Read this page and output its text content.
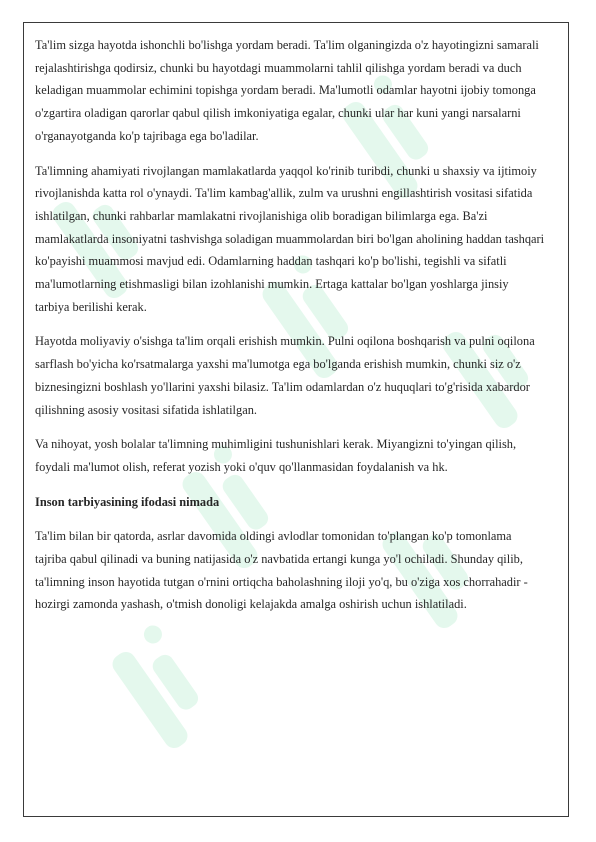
Ta'lim sizga hayotda ishonchli bo'lishga yordam beradi. Ta'lim olganingizda o'z hayotingizni samarali rejalashtirishga qodirsiz, chunki bu hayotdagi muammolarni tahlil qilishga yordam beradi va duch keladigan muammolar echimini topishga yordam beradi. Ma'lumotli odamlar hayotni ijobiy tomonga o'zgartira oladigan qarorlar qabul qilish imkoniyatiga egalar, chunki ular har kuni yangi narsalarni o'rganayotganda ko'p tajribaga ega bo'ladilar.

Ta'limning ahamiyati rivojlangan mamlakatlarda yaqqol ko'rinib turibdi, chunki u shaxsiy va ijtimoiy rivojlanishda katta rol o'ynaydi. Ta'lim kambag'allik, zulm va urushni engillashtirish vositasi sifatida ishlatilgan, chunki rahbarlar mamlakatni rivojlanishiga olib boradigan bilimlarga ega. Ba'zi mamlakatlarda insoniyatni tashvishga soladigan muammolardan biri bo'lgan aholining haddan tashqari ko'payishi muammosi mavjud edi. Odamlarning haddan tashqari ko'p bo'lishi, tegishli va sifatli ma'lumotlarning etishmasligi bilan izohlanishi mumkin. Ertaga kattalar bo'lgan yoshlarga jinsiy tarbiya berilishi kerak.

Hayotda moliyaviy o'sishga ta'lim orqali erishish mumkin. Pulni oqilona boshqarish va pulni oqilona sarflash bo'yicha ko'rsatmalarga yaxshi ma'lumotga ega bo'lganda erishish mumkin, chunki siz o'z biznesingizni boshlash yo'llarini yaxshi bilasiz. Ta'lim odamlardan o'z huquqlari to'g'risida xabardor qilishning asosiy vositasi sifatida ishlatilgan.

Va nihoyat, yosh bolalar ta'limning muhimligini tushunishlari kerak. Miyangizni to'yingan qilish, foydali ma'lumot olish, referat yozish yoki o'quv qo'llanmasidan foydalanish va hk.

Inson tarbiyasining ifodasi nimada

Ta'lim bilan bir qatorda, asrlar davomida oldingi avlodlar tomonidan to'plangan ko'p tomonlama tajriba qabul qilinadi va buning natijasida o'z navbatida ertangi kunga yo'l ochiladi. Shunday qilib, ta'limning inson hayotida tutgan o'rnini ortiqcha baholashning iloji yo'q, bu o'ziga xos chorrahadir - hozirgi zamonda yashash, o'tmish donoligi kelajakda amalga oshirish uchun ishlatiladi.
